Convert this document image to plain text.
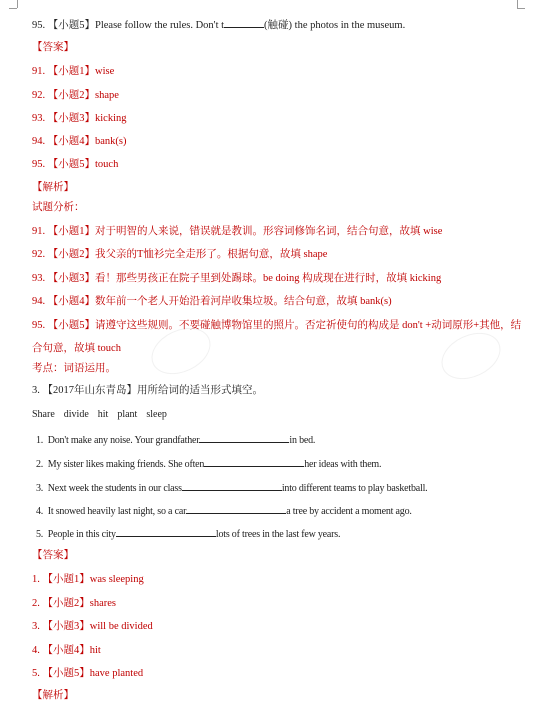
95. 【小题5】Please follow the rules. Don't t	(触碰) the photos in the museum.
【答案】
91. 【小题1】wise
92. 【小题2】shape
93. 【小题3】kicking
94. 【小题4】bank(s)
95. 【小题5】touch
【解析】
试题分析：
91. 【小题1】对于明智的人来说，错误就是教训。形容词修饰名词，结合句意，故填 wise
92. 【小题2】我父亲的T恤衫完全走形了。根据句意，故填 shape
93. 【小题3】看！那些男孩正在院子里到处踢球。be doing 构成现在进行时，故填 kicking
94. 【小题4】数年前一个老人开始沿着河岸收集垃圾。结合句意，故填 bank(s)
95. 【小题5】请遵守这些规则。不要碰触博物馆里的照片。否定祈使句的构成是 don't +动词原形+其他，结
合句意，故填 touch
考点：词语运用。
3. 【2017年山东青岛】用所给词的适当形式填空。
Share divide hit plant sleep
1. Don't make any noise. Your grandfather	in bed.
2. My sister likes making friends. She often	her ideas with them.
3. Next week the students in our class	into different teams to play basketball.
4. It snowed heavily last night, so a car	a tree by accident a moment ago.
5. People in this city	lots of trees in the last few years.
【答案】
1. 【小题1】was sleeping
2. 【小题2】shares
3. 【小题3】will be divided
4. 【小题4】hit
5. 【小题5】have planted
【解析】
